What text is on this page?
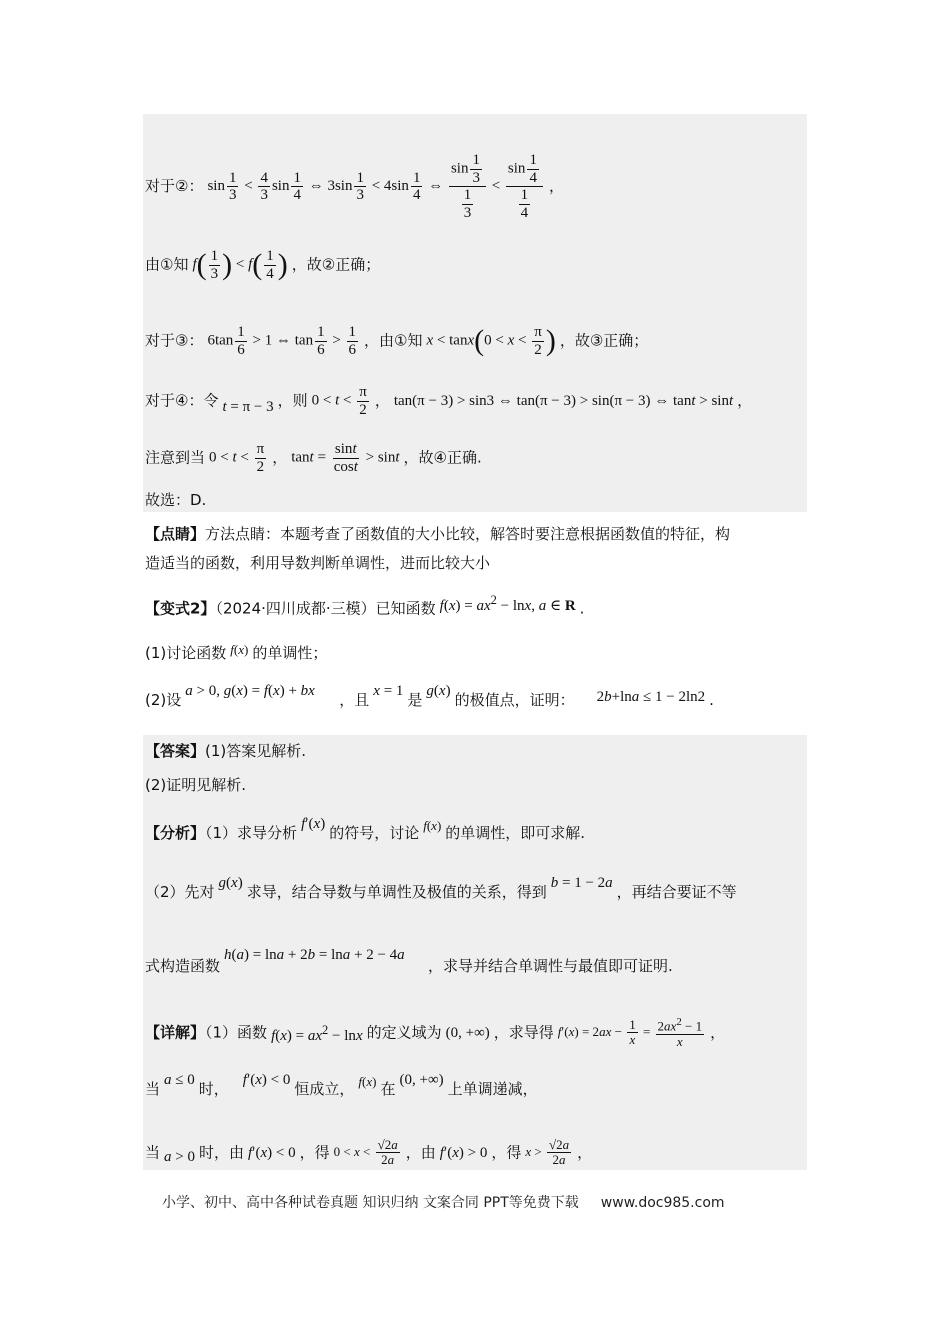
对于②： $\sin \frac{1}{3} < \frac{4}{3}$ $\sin \frac{1}{4}$ ⇔ $3\sin \frac{1}{3} < 4\sin \frac{1}{4}$ ⇔ $\frac{\sin \frac{1}{3}}{\frac{1}{3}} < \frac{\sin \frac{1}{4}}{\frac{1}{4}}$ ，
由①知 $f( \frac{1}{3}$ ) < $f( \frac{1}{4}$ ) ，故②正确；
对于③： $6\tan \frac{1}{6} > 1$ ⇔ $\tan \frac{1}{6} > \frac{1}{6}$ ，由①知 $x < \tan x(0 < x < \frac{\pi}{2}$ ) ，故③正确；
对于④：令 t = π − 3 ，则 $0 < t < \frac{\pi}{2}$ ， tan(π − 3) > sin3 ⇔ tan(π − 3) > sin(π − 3) ⇔ tant > sint ，
注意到当 $0 < t < \frac{\pi}{2}$ ， $\tan t = \frac{\sin t}{\cos t} > \sin t$ ，故④正确.
故选：D.
【点睛】方法点睛：本题考查了函数值的大小比较，解答时要注意根据函数值的特征，构
造适当的函数，利用导数判断单调性，进而比较大小
【变式2】（2024·四川成都·三模）已知函数 $f(x) = ax^2 - \ln x$, a ∈ R .
(1)讨论函数 f(x) 的单调性；
(2)设a > 0, g(x) = f(x) + bx，且x = 1是g(x)的极值点，证明： 2b+lna ≤ 1 − 2ln2 .
【答案】(1)答案见解析.
(2)证明见解析.
【分析】（1）求导分析f′(x)的符号，讨论 f(x) 的单调性，即可求解.
（2）先对g(x)求导，结合导数与单调性及极值的关系，得到b = 1 − 2a，再结合要证不等
式构造函数h(a) = lna + 2b = lna + 2 − 4a，求导并结合单调性与最值即可证明.
【详解】（1）函数 $f(x) = ax^2 - \ln x$ 的定义域为 (0, +∞) ，求导得 $f'(x) = 2ax - \frac{1}{x} = \frac{2ax^2 - 1}{x}$ ，
当a ≤ 0时，f′(x) < 0恒成立， f(x) 在(0, +∞)上单调递减，
当 a > 0 时，由 f′(x) < 0 ，得 $0 < x < \frac{√2a}{2a}$ ，由 f′(x) > 0 ，得 $x > \frac{√2a}{2a}$ ，
小学、初中、高中各种试卷真题 知识归纳 文案合同 PPT等免费下载 www.doc985.com
